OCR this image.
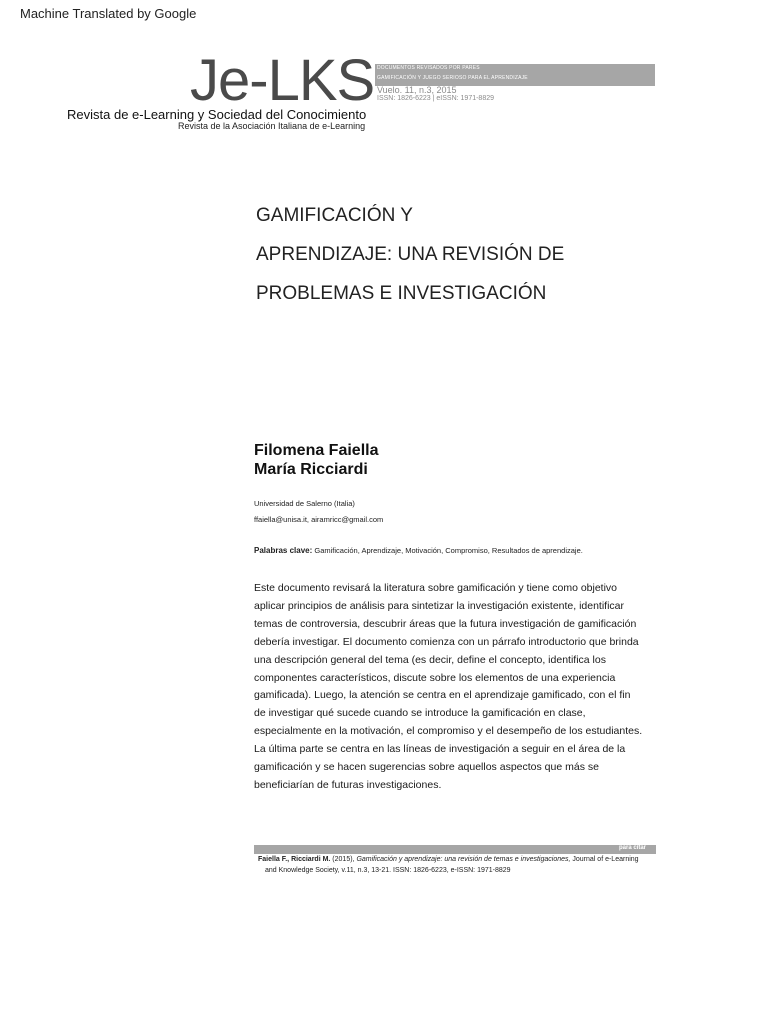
Machine Translated by Google
Je-LKS
Revista de e-Learning y Sociedad del Conocimiento
Revista de la Asociación Italiana de e-Learning
DOCUMENTOS REVISADOS POR PARES
GAMIFICACIÓN Y JUEGO SERIOSO PARA EL APRENDIZAJE
Vuelo. 11, n.3, 2015
ISSN: 1826-6223 | eISSN: 1971-8829
GAMIFICACIÓN Y
APRENDIZAJE: UNA REVISIÓN DE
PROBLEMAS E INVESTIGACIÓN
Filomena Faiella
María Ricciardi
Universidad de Salerno (Italia)
ffaiella@unisa.it, airamricc@gmail.com
Palabras clave: Gamificación, Aprendizaje, Motivación, Compromiso, Resultados de aprendizaje.
Este documento revisará la literatura sobre gamificación y tiene como objetivo
aplicar principios de análisis para sintetizar la investigación existente, identificar
temas de controversia, descubrir áreas que la futura investigación de gamificación
debería investigar. El documento comienza con un párrafo introductorio que brinda
una descripción general del tema (es decir, define el concepto, identifica los
componentes característicos, discute sobre los elementos de una experiencia
gamificada). Luego, la atención se centra en el aprendizaje gamificado, con el fin
de investigar qué sucede cuando se introduce la gamificación en clase,
especialmente en la motivación, el compromiso y el desempeño de los estudiantes.
La última parte se centra en las líneas de investigación a seguir en el área de la
gamificación y se hacen sugerencias sobre aquellos aspectos que más se
beneficiarían de futuras investigaciones.
para citar
Faiella F., Ricciardi M. (2015), Gamificación y aprendizaje: una revisión de temas e investigaciones, Journal of e-Learning
and Knowledge Society, v.11, n.3, 13-21. ISSN: 1826-6223, e-ISSN: 1971-8829
